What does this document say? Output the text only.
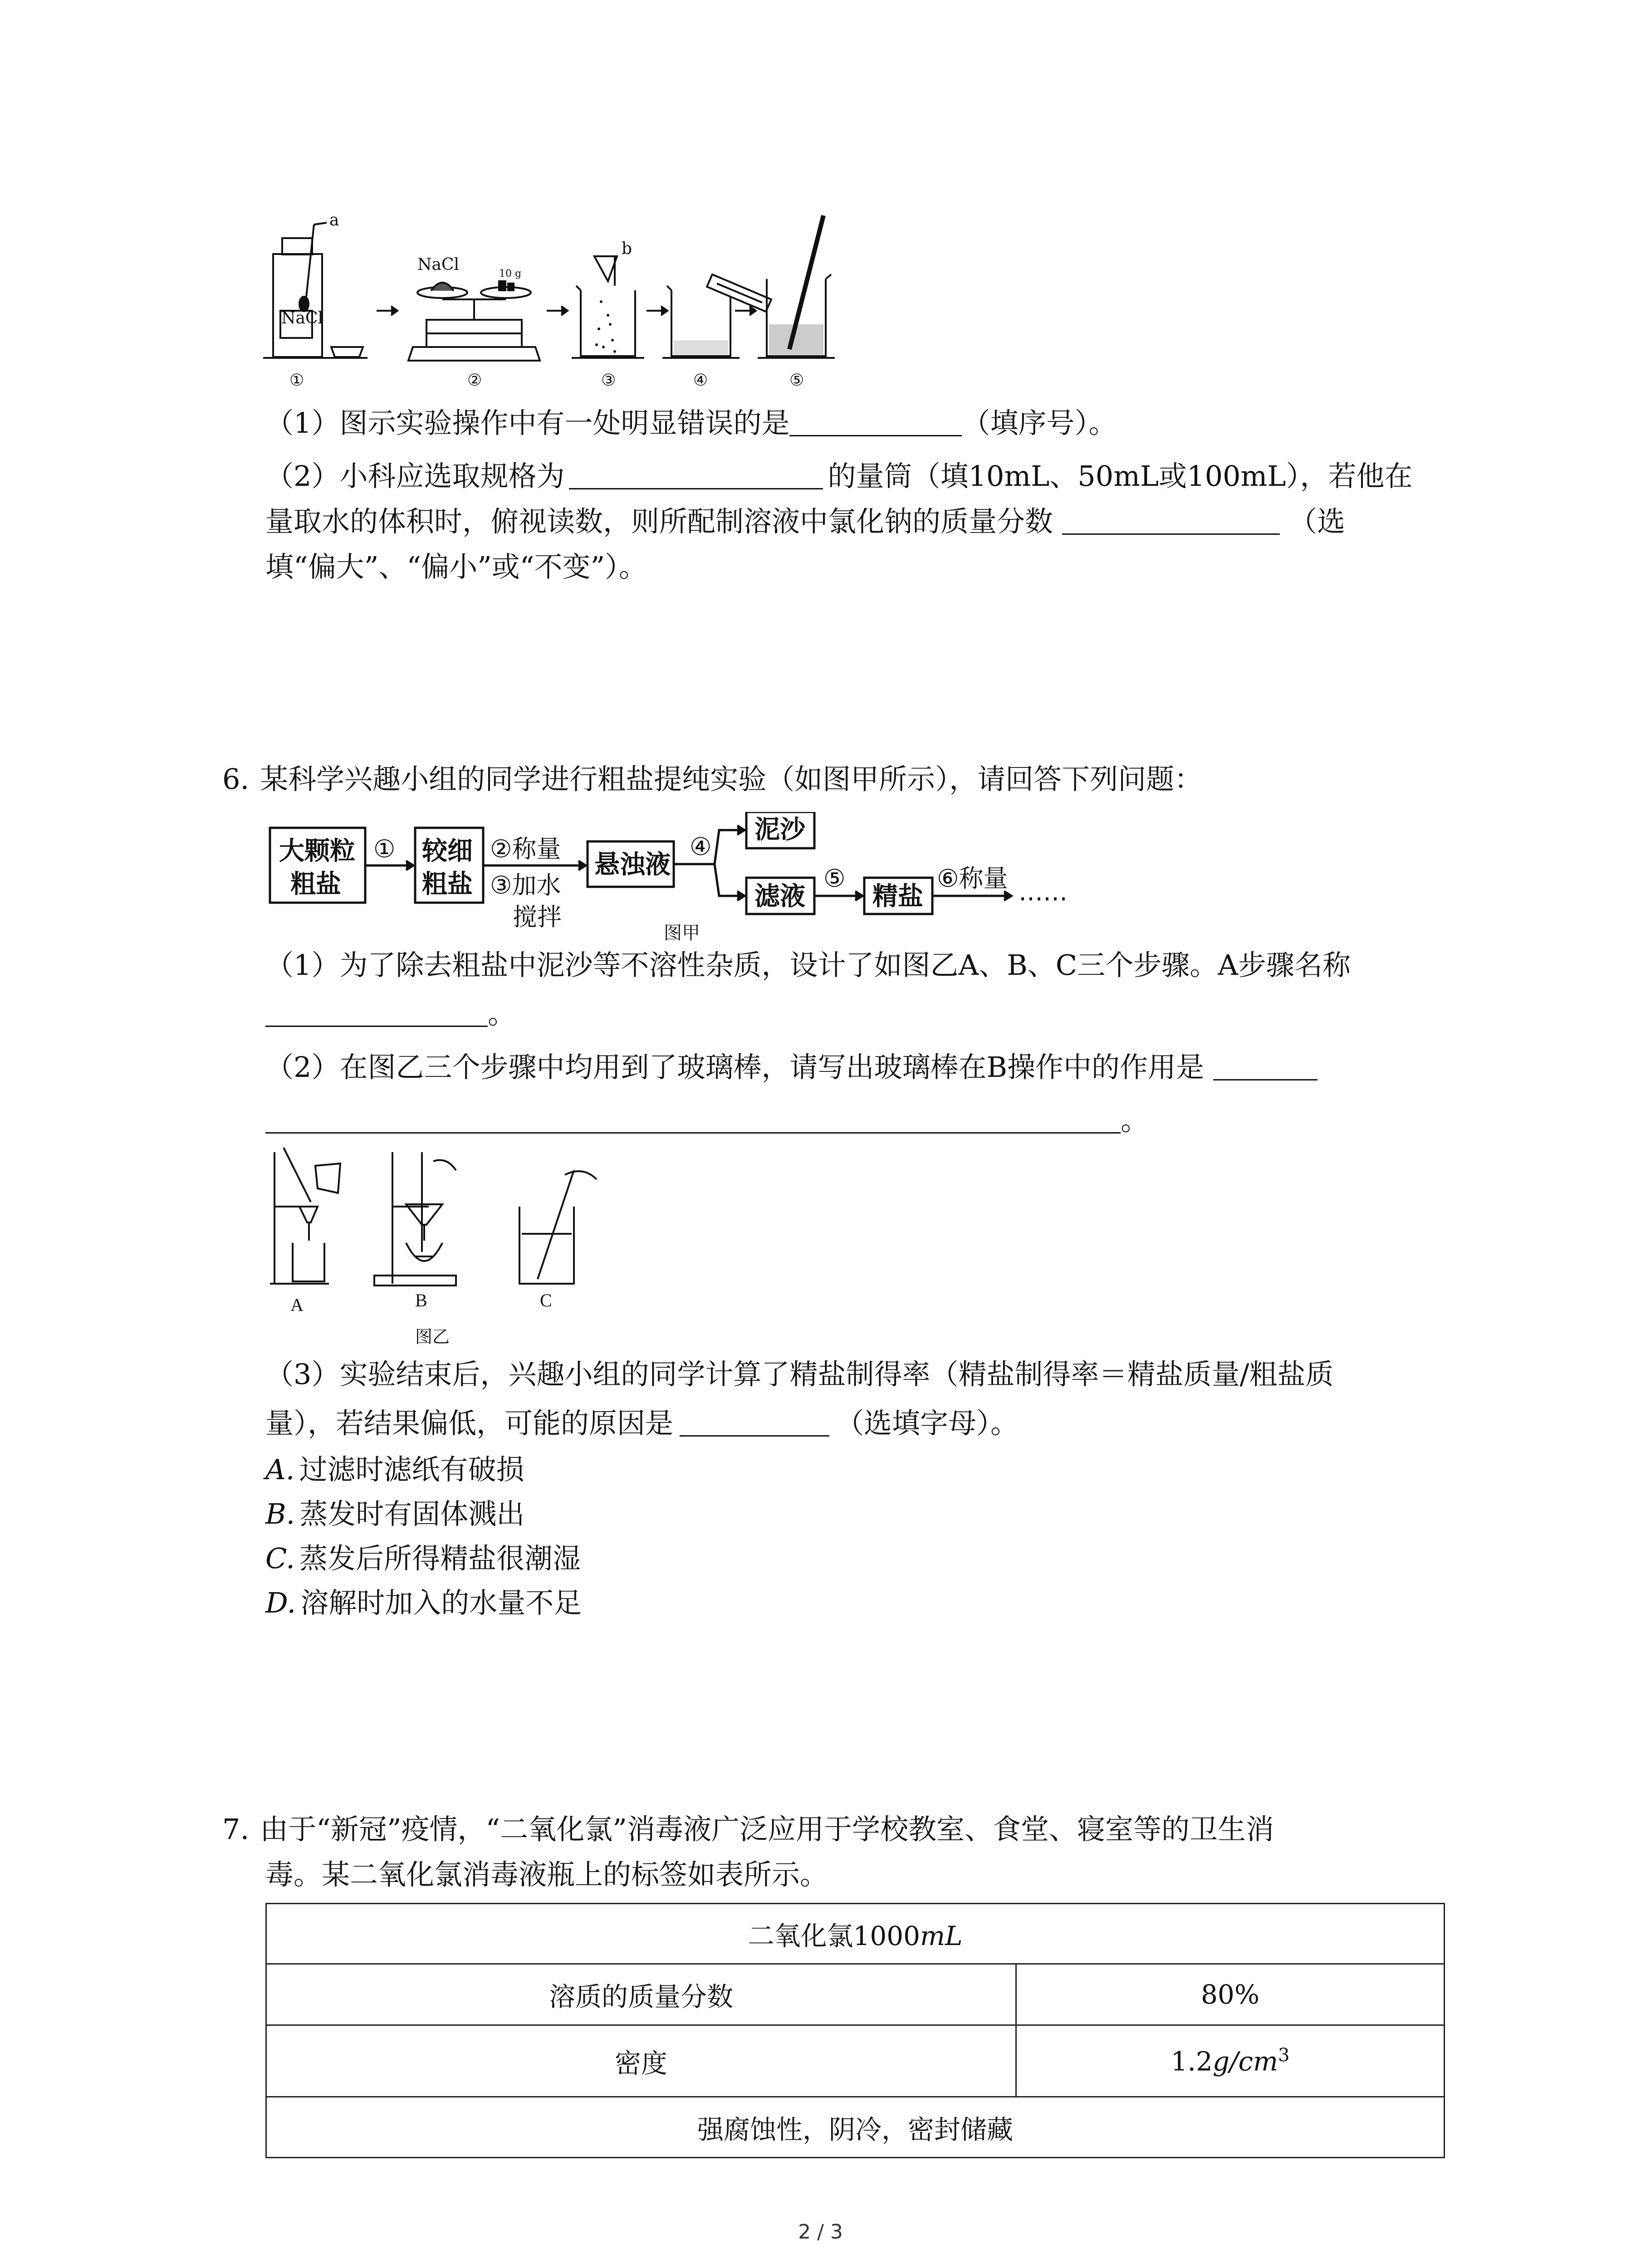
NaCl
a
NaCl	10 g
b
①	②	③	④	⑤
（1）图示实验操作中有一处明显错误的是	（填序号）。
（2）小科应选取规格为	的量筒（填10mL、50mL或100mL），若他在
量取水的体积时，俯视读数，则所配制溶液中氯化钠的质量分数	（选
填“偏大”、“偏小”或“不变”）。
6. 某科学兴趣小组的同学进行粗盐提纯实验（如图甲所示），请回答下列问题：
大颗粒
粗盐
较细
粗盐
悬浊液
泥沙
滤液	精盐
①	②称量
③加水
搅拌
④
⑤	⑥称量 ……
图甲
（1）为了除去粗盐中泥沙等不溶性杂质，设计了如图乙A、B、C三个步骤。A步骤名称
。
（2）在图乙三个步骤中均用到了玻璃棒，请写出玻璃棒在B操作中的作用是
。
A	B	C
图乙
（3）实验结束后，兴趣小组的同学计算了精盐制得率（精盐制得率＝精盐质量/粗盐质
量），若结果偏低，可能的原因是	（选填字母）。
A. 过滤时滤纸有破损
B. 蒸发时有固体溅出
C. 蒸发后所得精盐很潮湿
D. 溶解时加入的水量不足
7. 由于“新冠”疫情，“二氧化氯”消毒液广泛应用于学校教室、食堂、寝室等的卫生消
毒。某二氧化氯消毒液瓶上的标签如表所示。
二氧化氯1000mL	
溶质的质量分数	80%
密度	$1.2g/cm^3$
强腐蚀性，阴冷，密封储藏	
2 / 3
